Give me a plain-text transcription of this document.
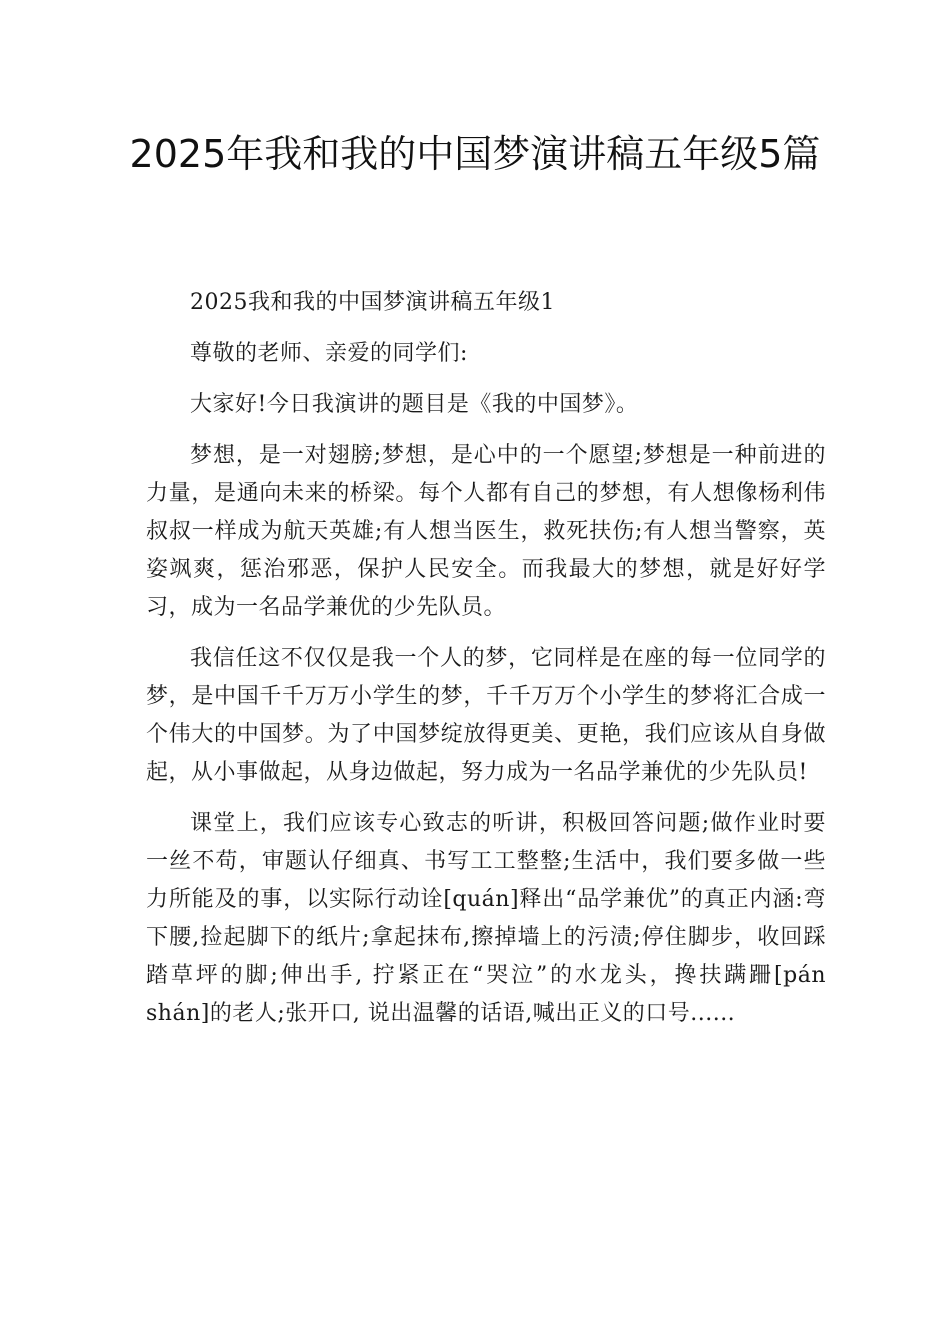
2025年我和我的中国梦演讲稿五年级5篇

2025我和我的中国梦演讲稿五年级1

尊敬的老师、亲爱的同学们:

大家好!今日我演讲的题目是《我的中国梦》。

梦想，是一对翅膀;梦想，是心中的一个愿望;梦想是一种前进的力量，是通向未来的桥梁。每个人都有自己的梦想，有人想像杨利伟叔叔一样成为航天英雄;有人想当医生，救死扶伤;有人想当警察，英姿飒爽，惩治邪恶，保护人民安全。而我最大的梦想，就是好好学习，成为一名品学兼优的少先队员。

我信任这不仅仅是我一个人的梦，它同样是在座的每一位同学的梦，是中国千千万万小学生的梦，千千万万个小学生的梦将汇合成一个伟大的中国梦。为了中国梦绽放得更美、更艳，我们应该从自身做起，从小事做起，从身边做起，努力成为一名品学兼优的少先队员!

课堂上，我们应该专心致志的听讲，积极回答问题;做作业时要一丝不苟，审题认仔细真、书写工工整整;生活中，我们要多做一些力所能及的事，以实际行动诠[quán]释出“品学兼优”的真正内涵:弯下腰,捡起脚下的纸片;拿起抹布,擦掉墙上的污渍;停住脚步，收回踩踏草坪的脚;伸出手, 拧紧正在“哭泣”的水龙头，搀扶蹒跚[pán shán]的老人;张开口, 说出温馨的话语,喊出正义的口号......
